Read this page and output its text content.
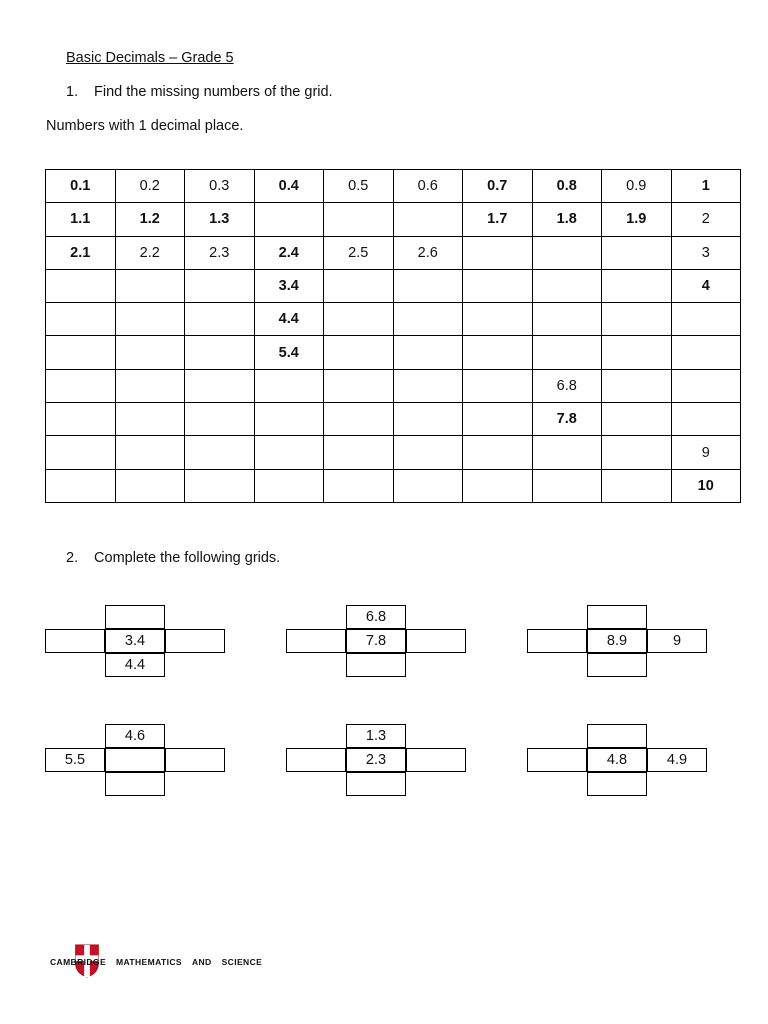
Basic Decimals – Grade 5
1. Find the missing numbers of the grid.
Numbers with 1 decimal place.
0.1	0.2	0.3	0.4	0.5	0.6	0.7	0.8	0.9	1
1.1	1.2	1.3				1.7	1.8	1.9	2
2.1	2.2	2.3	2.4	2.5	2.6				3
			3.4						4
			4.4						
			5.4						
							6.8		
							7.8		
									9
									10
2. Complete the following grids.
3.4
4.4
6.8
7.8	8.9	9
4.6
5.5
1.3
2.3	4.8	4.9
CAMBRIDGE MATHEMATICS AND SCIENCE
